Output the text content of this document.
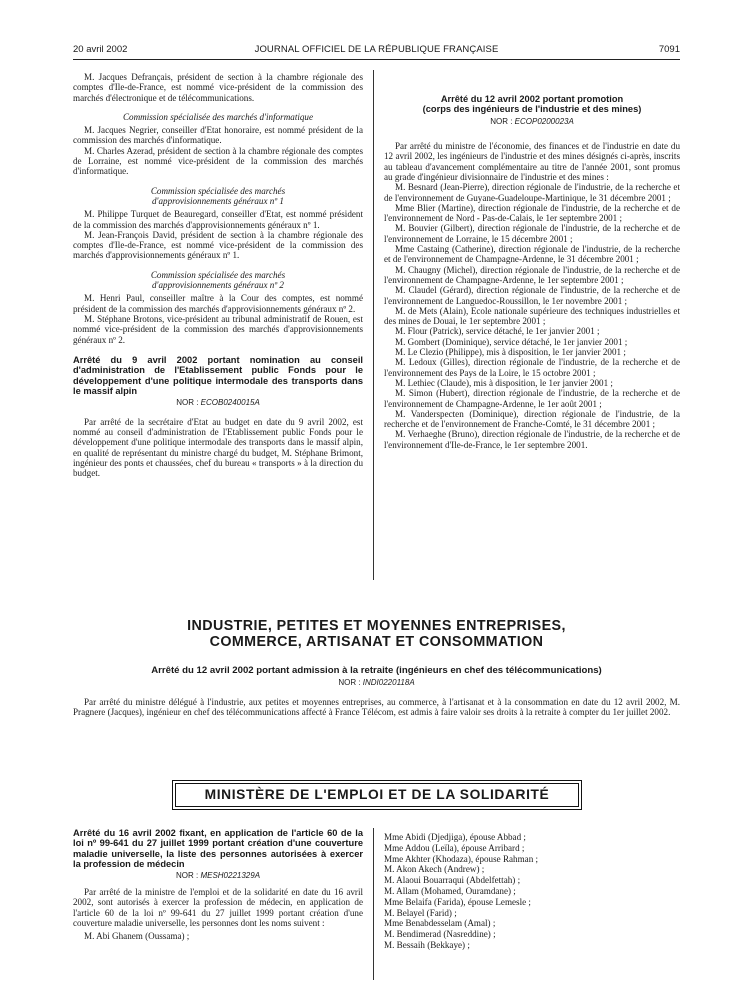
20 avril 2002	JOURNAL OFFICIEL DE LA RÉPUBLIQUE FRANÇAISE	7091

M. Jacques Defrançais, président de section à la chambre régionale des comptes d'Ile-de-France, est nommé vice-président de la commission des marchés d'électronique et de télécommunications.

Commission spécialisée des marchés d'informatique

M. Jacques Negrier, conseiller d'Etat honoraire, est nommé président de la commission des marchés d'informatique.

M. Charles Azerad, président de section à la chambre régionale des comptes de Lorraine, est nommé vice-président de la commission des marchés d'informatique.

Commission spécialisée des marchés
d'approvisionnements généraux nº 1

M. Philippe Turquet de Beauregard, conseiller d'Etat, est nommé président de la commission des marchés d'approvisionnements généraux nº 1.

M. Jean-François David, président de section à la chambre régionale des comptes d'Ile-de-France, est nommé vice-président de la commission des marchés d'approvisionnements généraux nº 1.

Commission spécialisée des marchés
d'approvisionnements généraux nº 2

M. Henri Paul, conseiller maître à la Cour des comptes, est nommé président de la commission des marchés d'approvisionnements généraux nº 2.

M. Stéphane Brotons, vice-président au tribunal administratif de Rouen, est nommé vice-président de la commission des marchés d'approvisionnements généraux nº 2.

Arrêté du 9 avril 2002 portant nomination au conseil d'administration de l'Etablissement public Fonds pour le développement d'une politique intermodale des transports dans le massif alpin

NOR : ECOB0240015A

Par arrêté de la secrétaire d'Etat au budget en date du 9 avril 2002, est nommé au conseil d'administration de l'Etablissement public Fonds pour le développement d'une politique intermodale des transports dans le massif alpin, en qualité de représentant du ministre chargé du budget, M. Stéphane Brimont, ingénieur des ponts et chaussées, chef du bureau « transports » à la direction du budget.

Arrêté du 12 avril 2002 portant promotion
(corps des ingénieurs de l'industrie et des mines)

NOR : ECOP0200023A

Par arrêté du ministre de l'économie, des finances et de l'industrie en date du 12 avril 2002, les ingénieurs de l'industrie et des mines désignés ci-après, inscrits au tableau d'avancement complémentaire au titre de l'année 2001, sont promus au grade d'ingénieur divisionnaire de l'industrie et des mines :

M. Besnard (Jean-Pierre), direction régionale de l'industrie, de la recherche et de l'environnement de Guyane-Guadeloupe-Martinique, le 31 décembre 2001 ;

Mme Blier (Martine), direction régionale de l'industrie, de la recherche et de l'environnement de Nord - Pas-de-Calais, le 1er septembre 2001 ;

M. Bouvier (Gilbert), direction régionale de l'industrie, de la recherche et de l'environnement de Lorraine, le 15 décembre 2001 ;

Mme Castaing (Catherine), direction régionale de l'industrie, de la recherche et de l'environnement de Champagne-Ardenne, le 31 décembre 2001 ;

M. Chaugny (Michel), direction régionale de l'industrie, de la recherche et de l'environnement de Champagne-Ardenne, le 1er septembre 2001 ;

M. Claudel (Gérard), direction régionale de l'industrie, de la recherche et de l'environnement de Languedoc-Roussillon, le 1er novembre 2001 ;

M. de Mets (Alain), Ecole nationale supérieure des techniques industrielles et des mines de Douai, le 1er septembre 2001 ;

M. Flour (Patrick), service détaché, le 1er janvier 2001 ;

M. Gombert (Dominique), service détaché, le 1er janvier 2001 ;

M. Le Clezio (Philippe), mis à disposition, le 1er janvier 2001 ;

M. Ledoux (Gilles), direction régionale de l'industrie, de la recherche et de l'environnement des Pays de la Loire, le 15 octobre 2001 ;

M. Lethiec (Claude), mis à disposition, le 1er janvier 2001 ;

M. Simon (Hubert), direction régionale de l'industrie, de la recherche et de l'environnement de Champagne-Ardenne, le 1er août 2001 ;

M. Vanderspecten (Dominique), direction régionale de l'industrie, de la recherche et de l'environnement de Franche-Comté, le 31 décembre 2001 ;

M. Verhaeghe (Bruno), direction régionale de l'industrie, de la recherche et de l'environnement d'Ile-de-France, le 1er septembre 2001.

INDUSTRIE, PETITES ET MOYENNES ENTREPRISES,
COMMERCE, ARTISANAT ET CONSOMMATION

Arrêté du 12 avril 2002 portant admission à la retraite (ingénieurs en chef des télécommunications)

NOR : INDI0220118A

Par arrêté du ministre délégué à l'industrie, aux petites et moyennes entreprises, au commerce, à l'artisanat et à la consommation en date du 12 avril 2002, M. Pragnere (Jacques), ingénieur en chef des télécommunications affecté à France Télécom, est admis à faire valoir ses droits à la retraite à compter du 1er juillet 2002.

MINISTÈRE DE L'EMPLOI ET DE LA SOLIDARITÉ

Arrêté du 16 avril 2002 fixant, en application de l'article 60 de la loi nº 99-641 du 27 juillet 1999 portant création d'une couverture maladie universelle, la liste des personnes autorisées à exercer la profession de médecin

NOR : MESH0221329A

Par arrêté de la ministre de l'emploi et de la solidarité en date du 16 avril 2002, sont autorisés à exercer la profession de médecin, en application de l'article 60 de la loi nº 99-641 du 27 juillet 1999 portant création d'une couverture maladie universelle, les personnes dont les noms suivent :

M. Abi Ghanem (Oussama) ;

Mme Abidi (Djedjiga), épouse Abbad ;

Mme Addou (Leïla), épouse Arribard ;

Mme Akhter (Khodaza), épouse Rahman ;

M. Akon Akech (Andrew) ;

M. Alaoui Bouarraqui (Abdelfettah) ;

M. Allam (Mohamed, Ouramdane) ;

Mme Belaifa (Farida), épouse Lemesle ;

M. Belayel (Farid) ;

Mme Benabdesselam (Amal) ;

M. Bendimerad (Nasreddine) ;

M. Bessaih (Bekkaye) ;
